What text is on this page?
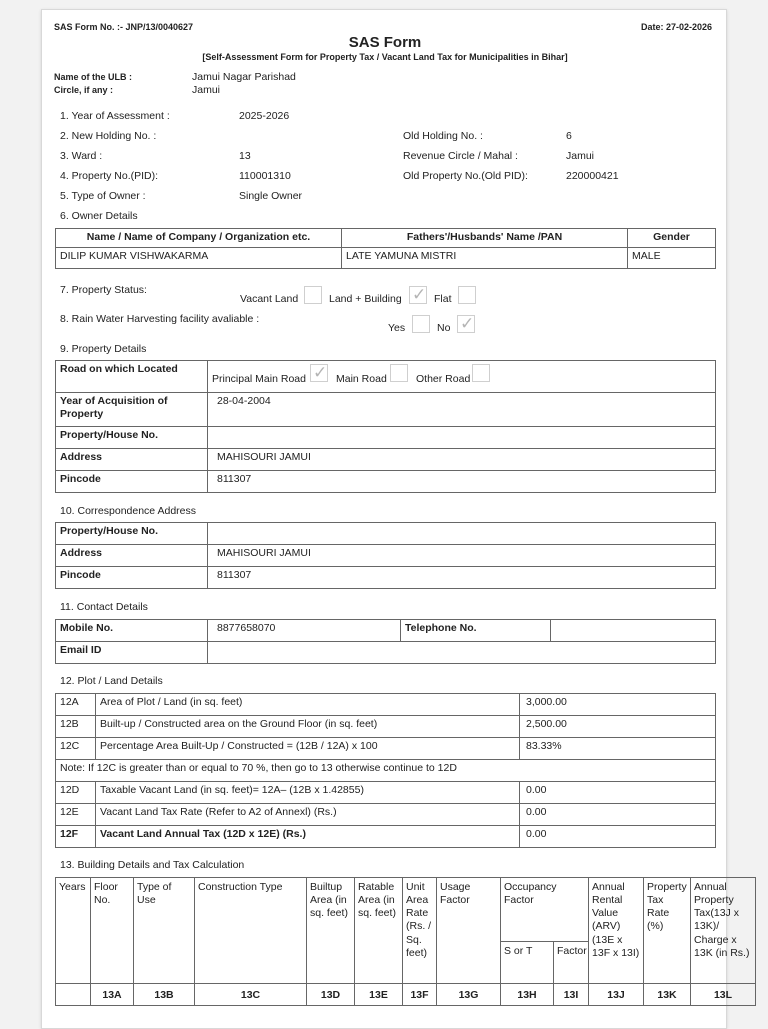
SAS Form No. :- JNP/13/0040627
SAS Form
[Self-Assessment Form for Property Tax / Vacant Land Tax for Municipalities in Bihar]
Date: 27-02-2026
Name of the ULB :	Jamui Nagar Parishad
Circle, if any :	Jamui
1. Year of Assessment :	2025-2026
2. New Holding No. :	Old Holding No. :	6
3. Ward :	13	Revenue Circle / Mahal :	Jamui
4. Property No.(PID):	110001310	Old Property No.(Old PID):	220000421
5. Type of Owner :	Single Owner
6. Owner Details
Name / Name of Company / Organization etc.	Fathers'/Husbands' Name /PAN	Gender
DILIP KUMAR VISHWAKARMA	LATE YAMUNA MISTRI	MALE
7. Property Status:
Vacant Land	Land + Building ✓	Flat
8. Rain Water Harvesting facility avaliable :
Yes	No
✓
9. Property Details
Road on which Located	Principal Main Road ✓ Main Road Other Road

Year of Acquisition of Property	28-04-2004
Property/House No.	
Address	MAHISOURI JAMUI
Pincode	811307
10. Correspondence Address
Property/House No.	
Address	MAHISOURI JAMUI
Pincode	811307
11. Contact Details
Mobile No.	8877658070	Telephone No.	
Email ID			
12. Plot / Land Details
12A	Area of Plot / Land (in sq. feet)	3,000.00
12B	Built-up / Constructed area on the Ground Floor (in sq. feet)	2,500.00
12C	Percentage Area Built-Up / Constructed = (12B / 12A) x 100	83.33%
Note: If 12C is greater than or equal to 70 %, then go to 13 otherwise continue to 12D		
12D	Taxable Vacant Land (in sq. feet)= 12A– (12B x 1.42855)	0.00
12E	Vacant Land Tax Rate (Refer to A2 of Annexl) (Rs.)	0.00
12F	Vacant Land Annual Tax (12D x 12E) (Rs.)	0.00
13. Building Details and Tax Calculation
Years	Floor No.	Type of Use	Construction Type	Builtup Area (in sq. feet)	Ratable Area (in sq. feet)	Unit Area Rate (Rs. / Sq. feet)	Usage Factor	Occupancy Factor		Annual Rental Value (ARV) (13E x 13F x 13I)	Property Tax Rate (%)	Annual Property Tax(13J x 13K)/ Charge x 13K (in Rs.)
								S or T	Factor			
	13A	13B	13C	13D	13E	13F	13G	13H	13I	13J	13K	13L
